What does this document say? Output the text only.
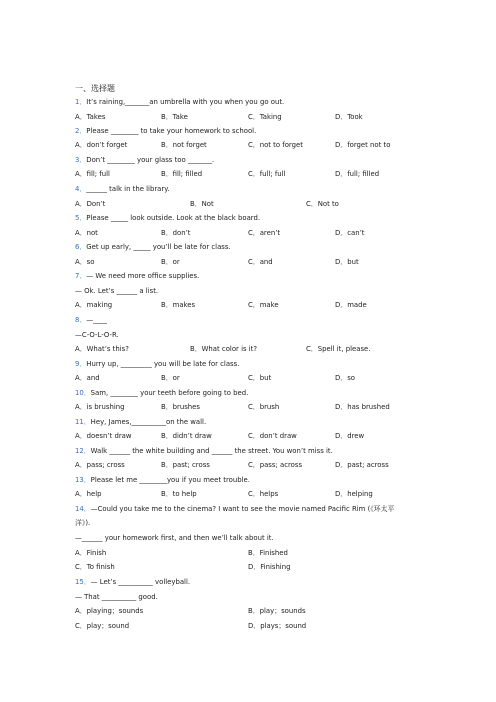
一、选择题
1．It’s raining,_______an umbrella with you when you go out.
A．Takes	B．Take	C．Taking	D．Took
2．Please ________ to take your homework to school.
A．don’t forget	B．not forget	C．not to forget	D．forget not to
3．Don’t ________ your glass too _______.
A．fill; full	B．fill; filled	C．full; full	D．full; filled
4．______ talk in the library.
A．Don’t	B．Not	C．Not to
5．Please _____ look outside. Look at the black board.
A．not	B．don’t	C．aren’t	D．can’t
6．Get up early, _____ you’ll be late for class.
A．so	B．or	C．and	D．but
7．— We need more office supplies.
— Ok. Let’s ______ a list.
A．making	B．makes	C．make	D．made
8．—____
—C-O-L-O-R.
A．What’s this?	B．What color is it?	C．Spell it, please.
9．Hurry up, _________ you will be late for class.
A．and	B．or	C．but	D．so
10．Sam, ________ your teeth before going to bed.
A．is brushing	B．brushes	C．brush	D．has brushed
11．Hey, James,__________on the wall.
A．doesn’t draw	B．didn’t draw	C．don’t draw	D．drew
12．Walk ______ the white building and ______ the street. You won’t miss it.
A．pass; cross	B．past; cross	C．pass; across	D．past; across
13．Please let me ________you if you meet trouble.
A．help	B．to help	C．helps	D．helping
14．—Could you take me to the cinema? I want to see the movie named Pacific Rim (《环太平
洋》).
—______ your homework first, and then we’ll talk about it.
A．Finish	B．Finished
C．To finish	D．Finishing
15．— Let’s __________ volleyball.
— That __________ good.
A．playing；sounds	B．play；sounds
C．play；sound	D．plays；sound
